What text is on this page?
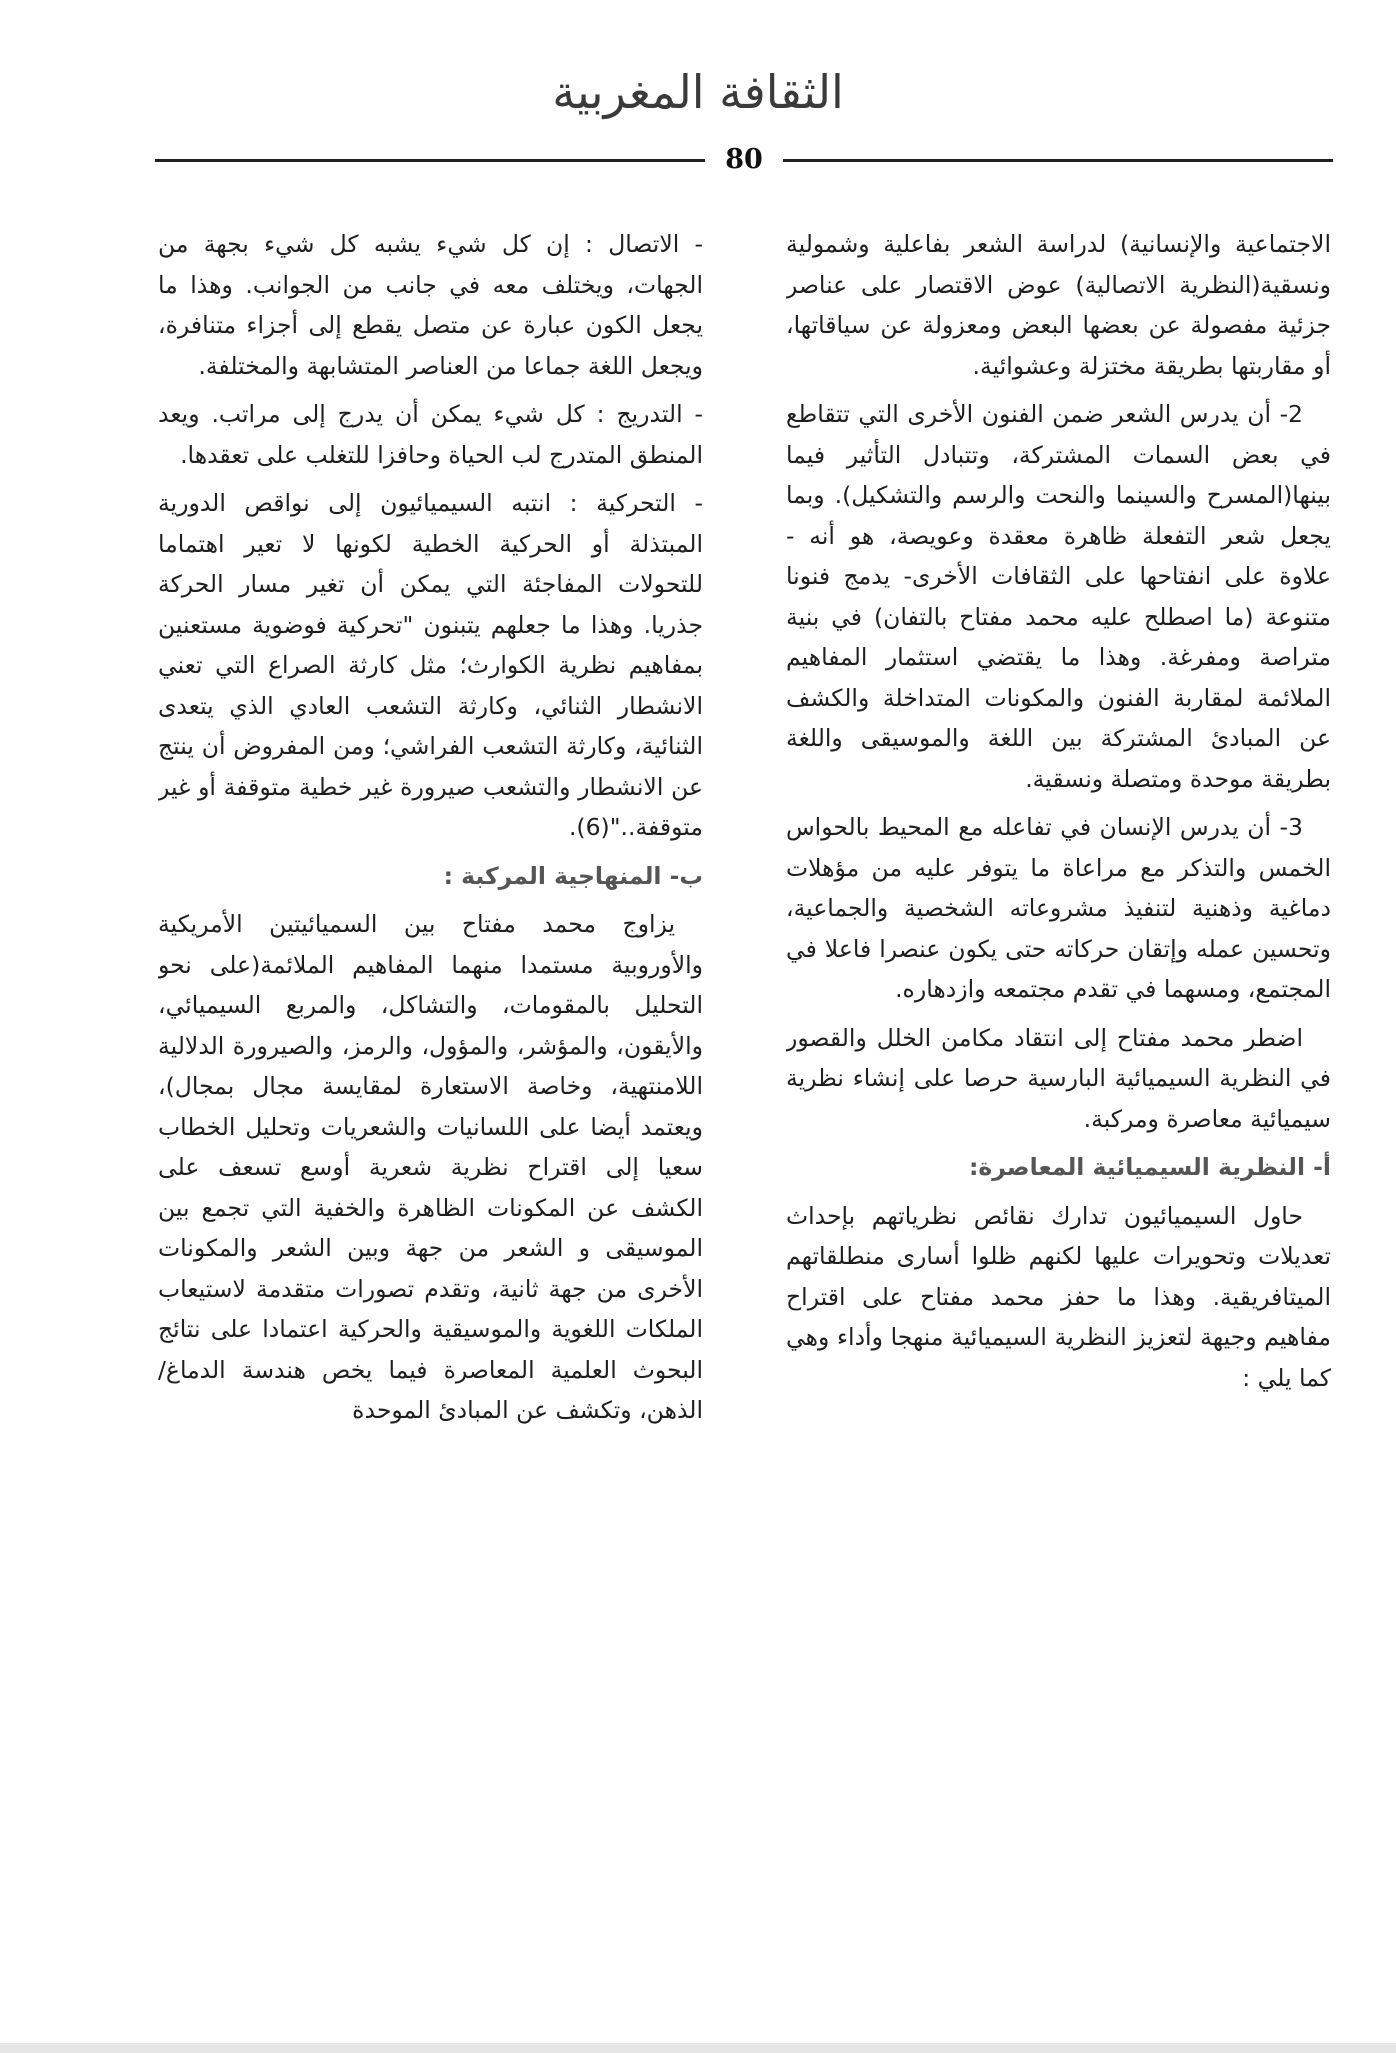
الثقافة المغربية
80

الاجتماعية والإنسانية) لدراسة الشعر بفاعلية وشمولية ونسقية(النظرية الاتصالية) عوض الاقتصار على عناصر جزئية مفصولة عن بعضها البعض ومعزولة عن سياقاتها، أو مقاربتها بطريقة مختزلة وعشوائية.

2- أن يدرس الشعر ضمن الفنون الأخرى التي تتقاطع في بعض السمات المشتركة، وتتبادل التأثير فيما بينها(المسرح والسينما والنحت والرسم والتشكيل). وبما يجعل شعر التفعلة ظاهرة معقدة وعويصة، هو أنه - علاوة على انفتاحها على الثقافات الأخرى- يدمج فنونا متنوعة (ما اصطلح عليه محمد مفتاح بالتفان) في بنية متراصة ومفرغة. وهذا ما يقتضي استثمار المفاهيم الملائمة لمقاربة الفنون والمكونات المتداخلة والكشف عن المبادئ المشتركة بين اللغة والموسيقى واللغة بطريقة موحدة ومتصلة ونسقية.

3- أن يدرس الإنسان في تفاعله مع المحيط بالحواس الخمس والتذكر مع مراعاة ما يتوفر عليه من مؤهلات دماغية وذهنية لتنفيذ مشروعاته الشخصية والجماعية، وتحسين عمله وإتقان حركاته حتى يكون عنصرا فاعلا في المجتمع، ومسهما في تقدم مجتمعه وازدهاره.

اضطر محمد مفتاح إلى انتقاد مكامن الخلل والقصور في النظرية السيميائية البارسية حرصا على إنشاء نظرية سيميائية معاصرة ومركبة.

أ- النظرية السيميائية المعاصرة:

حاول السيميائيون تدارك نقائص نظرياتهم بإحداث تعديلات وتحويرات عليها لكنهم ظلوا أسارى منطلقاتهم الميتافريقية. وهذا ما حفز محمد مفتاح على اقتراح مفاهيم وجيهة لتعزيز النظرية السيميائية منهجا وأداء وهي كما يلي :

- الاتصال : إن كل شيء يشبه كل شيء بجهة من الجهات، ويختلف معه في جانب من الجوانب. وهذا ما يجعل الكون عبارة عن متصل يقطع إلى أجزاء متنافرة، ويجعل اللغة جماعا من العناصر المتشابهة والمختلفة.

- التدريج : كل شيء يمكن أن يدرج إلى مراتب. ويعد المنطق المتدرج لب الحياة وحافزا للتغلب على تعقدها.

- التحركية : انتبه السيميائيون إلى نواقص الدورية المبتذلة أو الحركية الخطية لكونها لا تعير اهتماما للتحولات المفاجئة التي يمكن أن تغير مسار الحركة جذريا. وهذا ما جعلهم يتبنون "تحركية فوضوية مستعنين بمفاهيم نظرية الكوارث؛ مثل كارثة الصراع التي تعني الانشطار الثنائي، وكارثة التشعب العادي الذي يتعدى الثنائية، وكارثة التشعب الفراشي؛ ومن المفروض أن ينتج عن الانشطار والتشعب صيرورة غير خطية متوقفة أو غير متوقفة.."(6).

ب- المنهاجية المركبة :

يزاوج محمد مفتاح بين السميائيتين الأمريكية والأوروبية مستمدا منهما المفاهيم الملائمة(على نحو التحليل بالمقومات، والتشاكل، والمربع السيميائي، والأيقون، والمؤشر، والمؤول، والرمز، والصيرورة الدلالية اللامنتهية، وخاصة الاستعارة لمقايسة مجال بمجال)، ويعتمد أيضا على اللسانيات والشعريات وتحليل الخطاب سعيا إلى اقتراح نظرية شعرية أوسع تسعف على الكشف عن المكونات الظاهرة والخفية التي تجمع بين الموسيقى و الشعر من جهة وبين الشعر والمكونات الأخرى من جهة ثانية، وتقدم تصورات متقدمة لاستيعاب الملكات اللغوية والموسيقية والحركية اعتمادا على نتائج البحوث العلمية المعاصرة فيما يخص هندسة الدماغ/ الذهن، وتكشف عن المبادئ الموحدة
